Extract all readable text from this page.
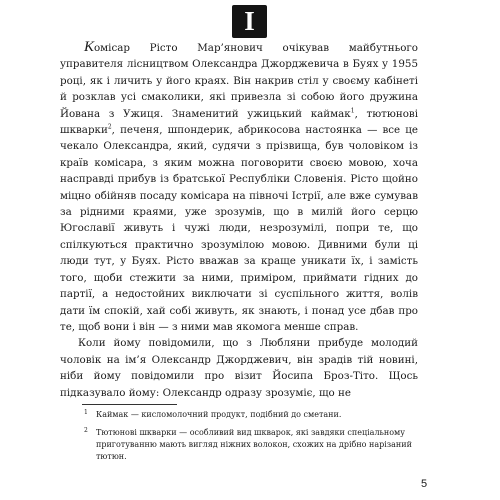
I

Комісар Рісто Мар’янович очікував майбутнього управителя лісництвом Олександра Джорджевича в Буях у 1955 році, як і личить у його краях. Він накрив стіл у своєму кабінеті й розклав усі смаколики, які привезла зі собою його дружина Йована з Ужиця. Знаменитий ужицький каймак$^1$, тютюнові шкварки$^2$, печеня, шпондерик, абрикосова настоянка — все це чекало Олександра, який, судячи з прізвища, був чоловіком із країв комісара, з яким можна поговорити своєю мовою, хоча насправді прибув із братської Республіки Словенія. Рісто щойно міцно обійняв посаду комісара на півночі Істрії, але вже сумував за рідними краями, уже зрозумів, що в милій його серцю Югославії живуть і чужі люди, незрозумілі, попри те, що спілкуються практично зрозумілою мовою. Дивними були ці люди тут, у Буях. Рісто вважав за краще уникати їх, і замість того, щоби стежити за ними, приміром, приймати гідних до партії, а недостойних виключати зі суспільного життя, волів дати їм спокій, хай собі живуть, як знають, і понад усе дбав про те, щоб вони і він — з ними мав якомога менше справ.

Коли йому повідомили, що з Любляни прибуде молодий чоловік на ім’я Олександр Джорджевич, він зрадів тій новині, ніби йому повідомили про візит Йосипа Броз-Тіто. Щось підказувало йому: Олександр одразу зрозуміє, що не

1 Каймак — кисломолочний продукт, подібний до сметани.
2 Тютюнові шкварки — особливий вид шкварок, які завдяки спеціальному приготуванню мають вигляд ніжних волокон, схожих на дрібно нарізаний тютюн.
5
